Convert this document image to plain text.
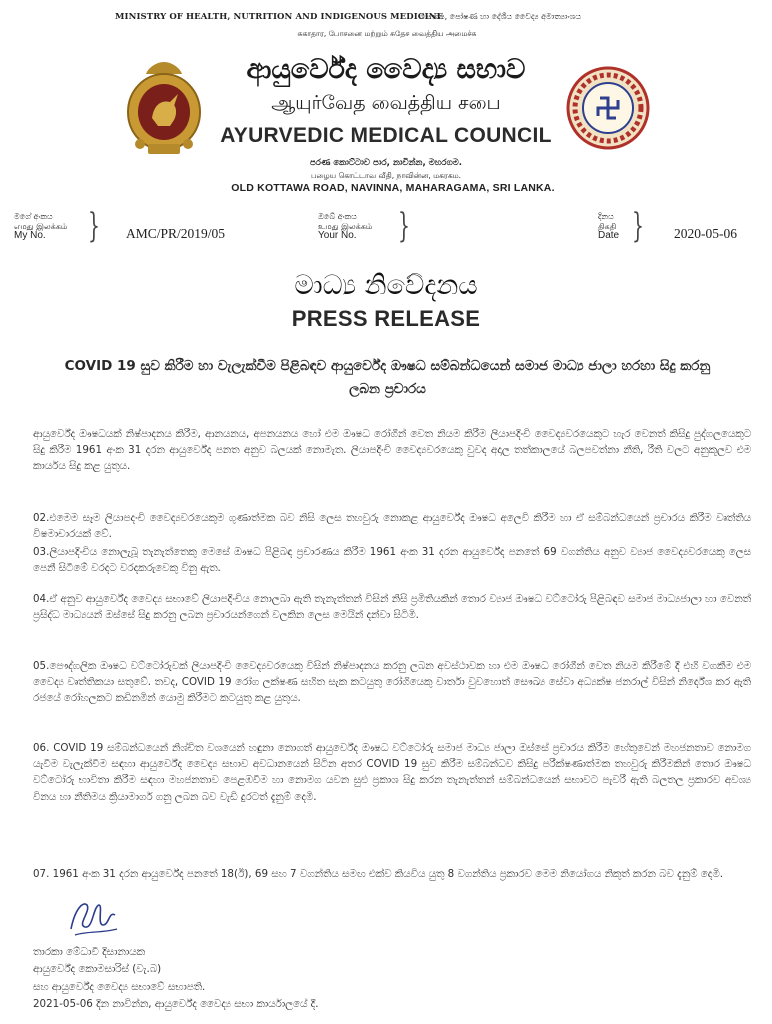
MINISTRY OF HEALTH, NUTRITION AND INDIGENOUS MEDICINE
සෞඛ්‍ය, පෝෂණ හා දේශීය වෛද්‍ය අමාත්‍යාංශය
சுகாதார, போசனை மற்றும் சுதேச வைத்திய அமைச்சு
ආයුර්වේද වෛද්‍ය සභාව
ஆயுர்வேத வைத்திய சபை
AYURVEDIC MEDICAL COUNCIL
පරණ කොට්ටාව පාර, නාවින්න, මහරගම.
பழைய கொட்டாவ வீதி, நாவின்ன, மகரகம.
OLD KOTTAWA ROAD, NAVINNA, MAHARAGAMA, SRI LANKA.
මගේ අංකය
எமது இலக்கம்
My No.	} AMC/PR/2019/05
ඔබේ අංකය
உமது இலக்கம்
Your No.	}	දිනය
திகதி
Date } 2020-05-06
මාධ්‍ය නිවේදනය
PRESS RELEASE
COVID 19 සුව කිරීම හා වැලැක්වීම පිළිබඳව ආයුර්වේද ඖෂධ සම්බන්ධයෙන් සමාජ මාධ්‍ය ජාලා හරහා සිදු කරනු ලබන ප්‍රචාරය
ආයුර්වේද ඖෂධයක් නිෂ්පාදනය කිරීම, ආනයනය, අපනයනය හෝ එම ඖෂධ රෝගීන් වෙත නියම කිරීම ලියාපදිංචි වෛද්‍යවරයෙකුට හැර වෙනත් කිසිදු පුද්ගලයෙකුට සිදු කිරීම 1961 අංක 31 දරන ආයුර්වේද පනත අනුව බලයක් නොමැත. ලියාපදිංචි වෛද්‍යවරයෙකු වුවද අදාල තත්කාලයේ බලපවත්නා නීති, රීති වලට අනුකූලව එම කාර්යය සිදු කළ යුතුය.
02.එමෙම සෑම ලියාපදංචි වෛද්‍යවරයෙකුම ගුණාත්මක බව නිසි ලෙස තහවුරු නොකළ ආයුර්වේද ඖෂධ අලෙවි කිරීම හා ඒ සම්බන්ධයෙන් ප්‍රචාරය කිරීම වෘත්තිය විෂමාචාරයක් වේ.
03.ලියාපදිංචිය නොලැබූ තැනැත්තෙකු මෙසේ ඖෂධ පිළිබඳ ප්‍රචාරණය කිරීම 1961 අංක 31 දරන ආයුර්වේද පනතේ 69 වගන්තිය අනුව ව්‍යාජ වෛද්‍යවරයෙකු ලෙස පෙනී සිටීමේ වරදට වරදකරුවෙකු විනු ඇත.
04.ඒ අනුව ආයුර්වේද වෛද්‍ය සභාවේ ලියාපදිංචිය නොලබා ඇති තැනැත්තන් විසින් නිසි ප්‍රමිතියකින් තොර ව්‍යාජ ඖෂධ වට්ටෝරු පිළිබඳව සමාජ මාධ්‍යජාලා හා වෙනත් ප්‍රසිද්ධ මාධ්‍යයන් ඔස්සේ සිදු කරනු ලබන ප්‍රචාරයන්ගෙන් වලකින ලෙස මෙයින් දන්වා සිටිමි.
05.පෞද්ගලික ඖෂධ වට්ටෝරුවක් ලියාපදිංචි වෛද්‍යවරයෙකු විසින් නිෂ්පාදනය කරනු ලබන අවස්ථාවක හා එම ඖෂධ රෝගීන් වෙත නියම කිරීමේ දී එහි වගකීම එම වෛද්‍ය වෘත්තිකයා සතුවේ. තවද, COVID 19 රෝග ලක්ෂණ සහිත සැක කටයුතු රෝගියෙකු වාර්තා වුවහොත් සෞඛ්‍ය සේවා අධ්‍යක්ෂ ජනරාල් විසින් නිර්දේශ කර ඇති රජයේ රෝහලකට කඩිනමින් යොමු කිරීමට කටයුතු කළ යුතුය.
06. COVID 19 සම්බන්ධයෙන් නිශ්චිත වශයෙන් හඳුනා නොගත් ආයුර්වේද ඖෂධ වට්ටෝරු සමාජ මාධ්‍ය ජාලා ඔස්සේ ප්‍රචාරය කිරීම හේතුවෙන් මහජනතාව නොමග යැවීම වැලැක්වීම සඳහා ආයුර්වේද වෛද්‍ය සභාව අවධානයෙන් සිටින අතර COVID 19 සුව කිරීම සම්බන්ධව කිසිදු පරීක්ෂණාත්මක තහවුරු කිරීමකින් තොර ඖෂධ වට්ටෝරු භාවිතා කිරීම සඳහා මහජනතාව පෙළඹවීම හා නොමග යවන සුළු ප්‍රකාශ සිදු කරන තැනැත්තන් සම්බන්ධයෙන් සභාවට පැවරී ඇති බලතල ප්‍රකාරව අවශ්‍ය විනය හා නීතිමය ක්‍රියාමාර්ග ගනු ලබන බව වැඩි දුරටත් දැනුම් දෙමි.
07. 1961 අංක 31 දරන ආයුර්වේද පනතේ 18(ඊ), 69 සහ 7 වගන්තිය සමඟ එක්ව කියවිය යුතු 8 වගන්තිය ප්‍රකාරව මෙම නියෝගය නිකුත් කරන බව දැනුම් දෙමි.
තාරකා මේධාවී දිසානායක
ආයුර්වේද කොමසාරිස් (වැ.බ)
සහ ආයුර්වේද වෛද්‍ය සභාවේ සභාපති.
2021-05-06 දින නාවින්න, ආයුර්වේද වෛද්‍ය සභා කාර්යාලයේ දී.
